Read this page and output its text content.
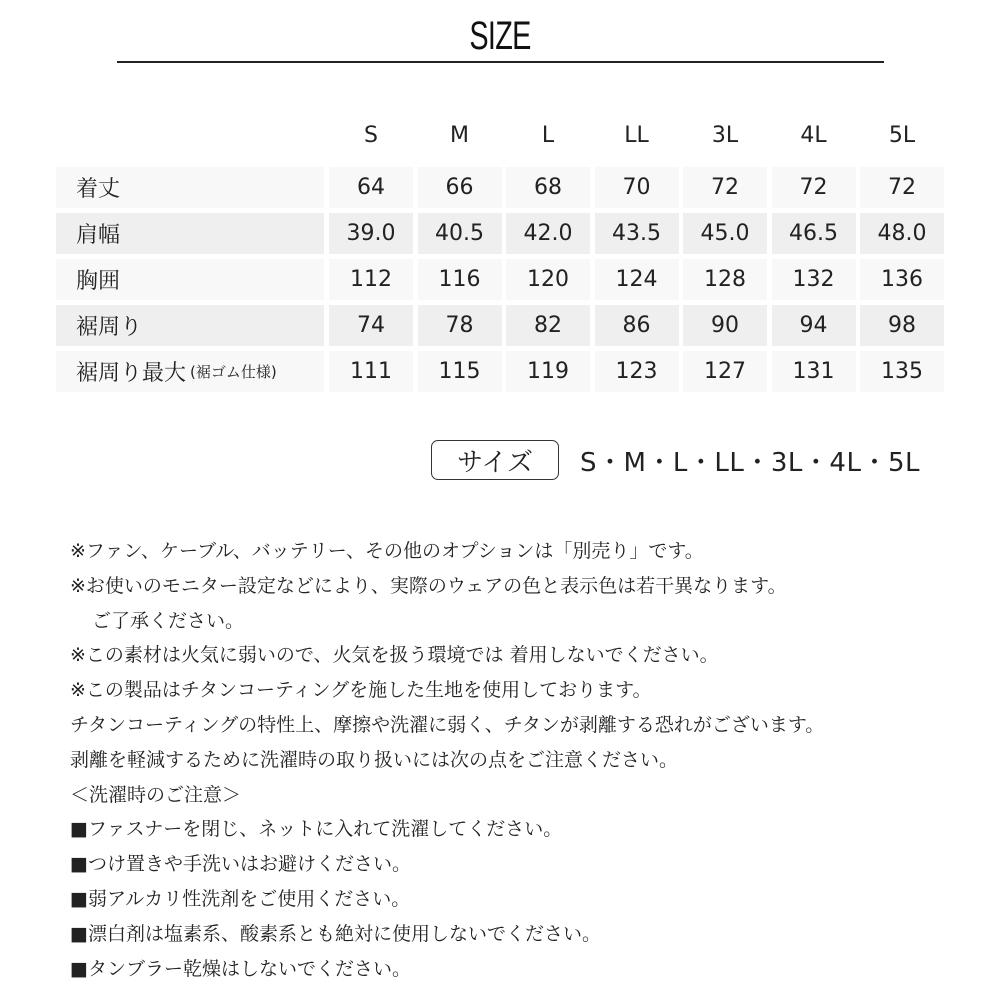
SIZE
S	M	L	LL	3L	4L	5L
着丈	64	66	68	70	72	72	72
肩幅	39.0	40.5	42.0	43.5	45.0	46.5	48.0
胸囲	112	116	120	124	128	132	136
裾周り	74	78	82	86	90	94	98
裾周り最大 (裾ゴム仕様)	111	115	119	123	127	131	135
サイズ	S・M・L・LL・3L・4L・5L
※ファン、ケーブル、バッテリー、その他のオプションは「別売り」です。
※お使いのモニター設定などにより、実際のウェアの色と表示色は若干異なります。
ご了承ください。
※この素材は火気に弱いので、火気を扱う環境では 着用しないでください。
※この製品はチタンコーティングを施した生地を使用しております。
チタンコーティングの特性上、摩擦や洗濯に弱く、チタンが剥離する恐れがございます。
剥離を軽減するために洗濯時の取り扱いには次の点をご注意ください。
＜洗濯時のご注意＞
■ファスナーを閉じ、ネットに入れて洗濯してください。
■つけ置きや手洗いはお避けください。
■弱アルカリ性洗剤をご使用ください。
■漂白剤は塩素系、酸素系とも絶対に使用しないでください。
■タンブラー乾燥はしないでください。
